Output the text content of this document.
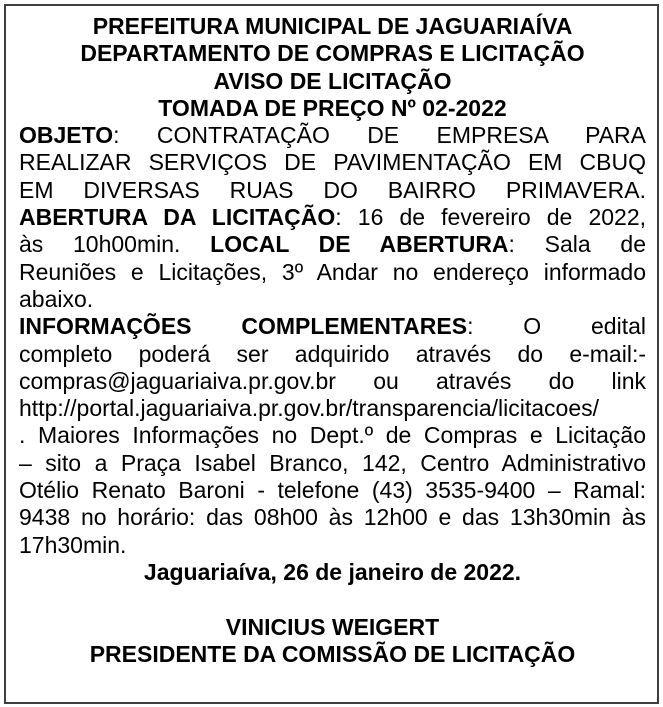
PREFEITURA MUNICIPAL DE JAGUARIAÍVA
DEPARTAMENTO DE COMPRAS E LICITAÇÃO
AVISO DE LICITAÇÃO
TOMADA DE PREÇO Nº 02-2022
OBJETO: CONTRATAÇÃO DE EMPRESA PARA
REALIZAR SERVIÇOS DE PAVIMENTAÇÃO EM CBUQ
EM DIVERSAS RUAS DO BAIRRO PRIMAVERA.
ABERTURA DA LICITAÇÃO: 16 de fevereiro de 2022,
às 10h00min. LOCAL DE ABERTURA: Sala de
Reuniões e Licitações, 3º Andar no endereço informado
abaixo.
INFORMAÇÕES COMPLEMENTARES: O edital
completo poderá ser adquirido através do e-mail:-
compras@jaguariaiva.pr.gov.br ou através do link
http://portal.jaguariaiva.pr.gov.br/transparencia/licitacoes/
. Maiores Informações no Dept.º de Compras e Licitação
– sito a Praça Isabel Branco, 142, Centro Administrativo
Otélio Renato Baroni - telefone (43) 3535-9400 – Ramal:
9438 no horário: das 08h00 às 12h00 e das 13h30min às
17h30min.
Jaguariaíva, 26 de janeiro de 2022.

VINICIUS WEIGERT
PRESIDENTE DA COMISSÃO DE LICITAÇÃO
